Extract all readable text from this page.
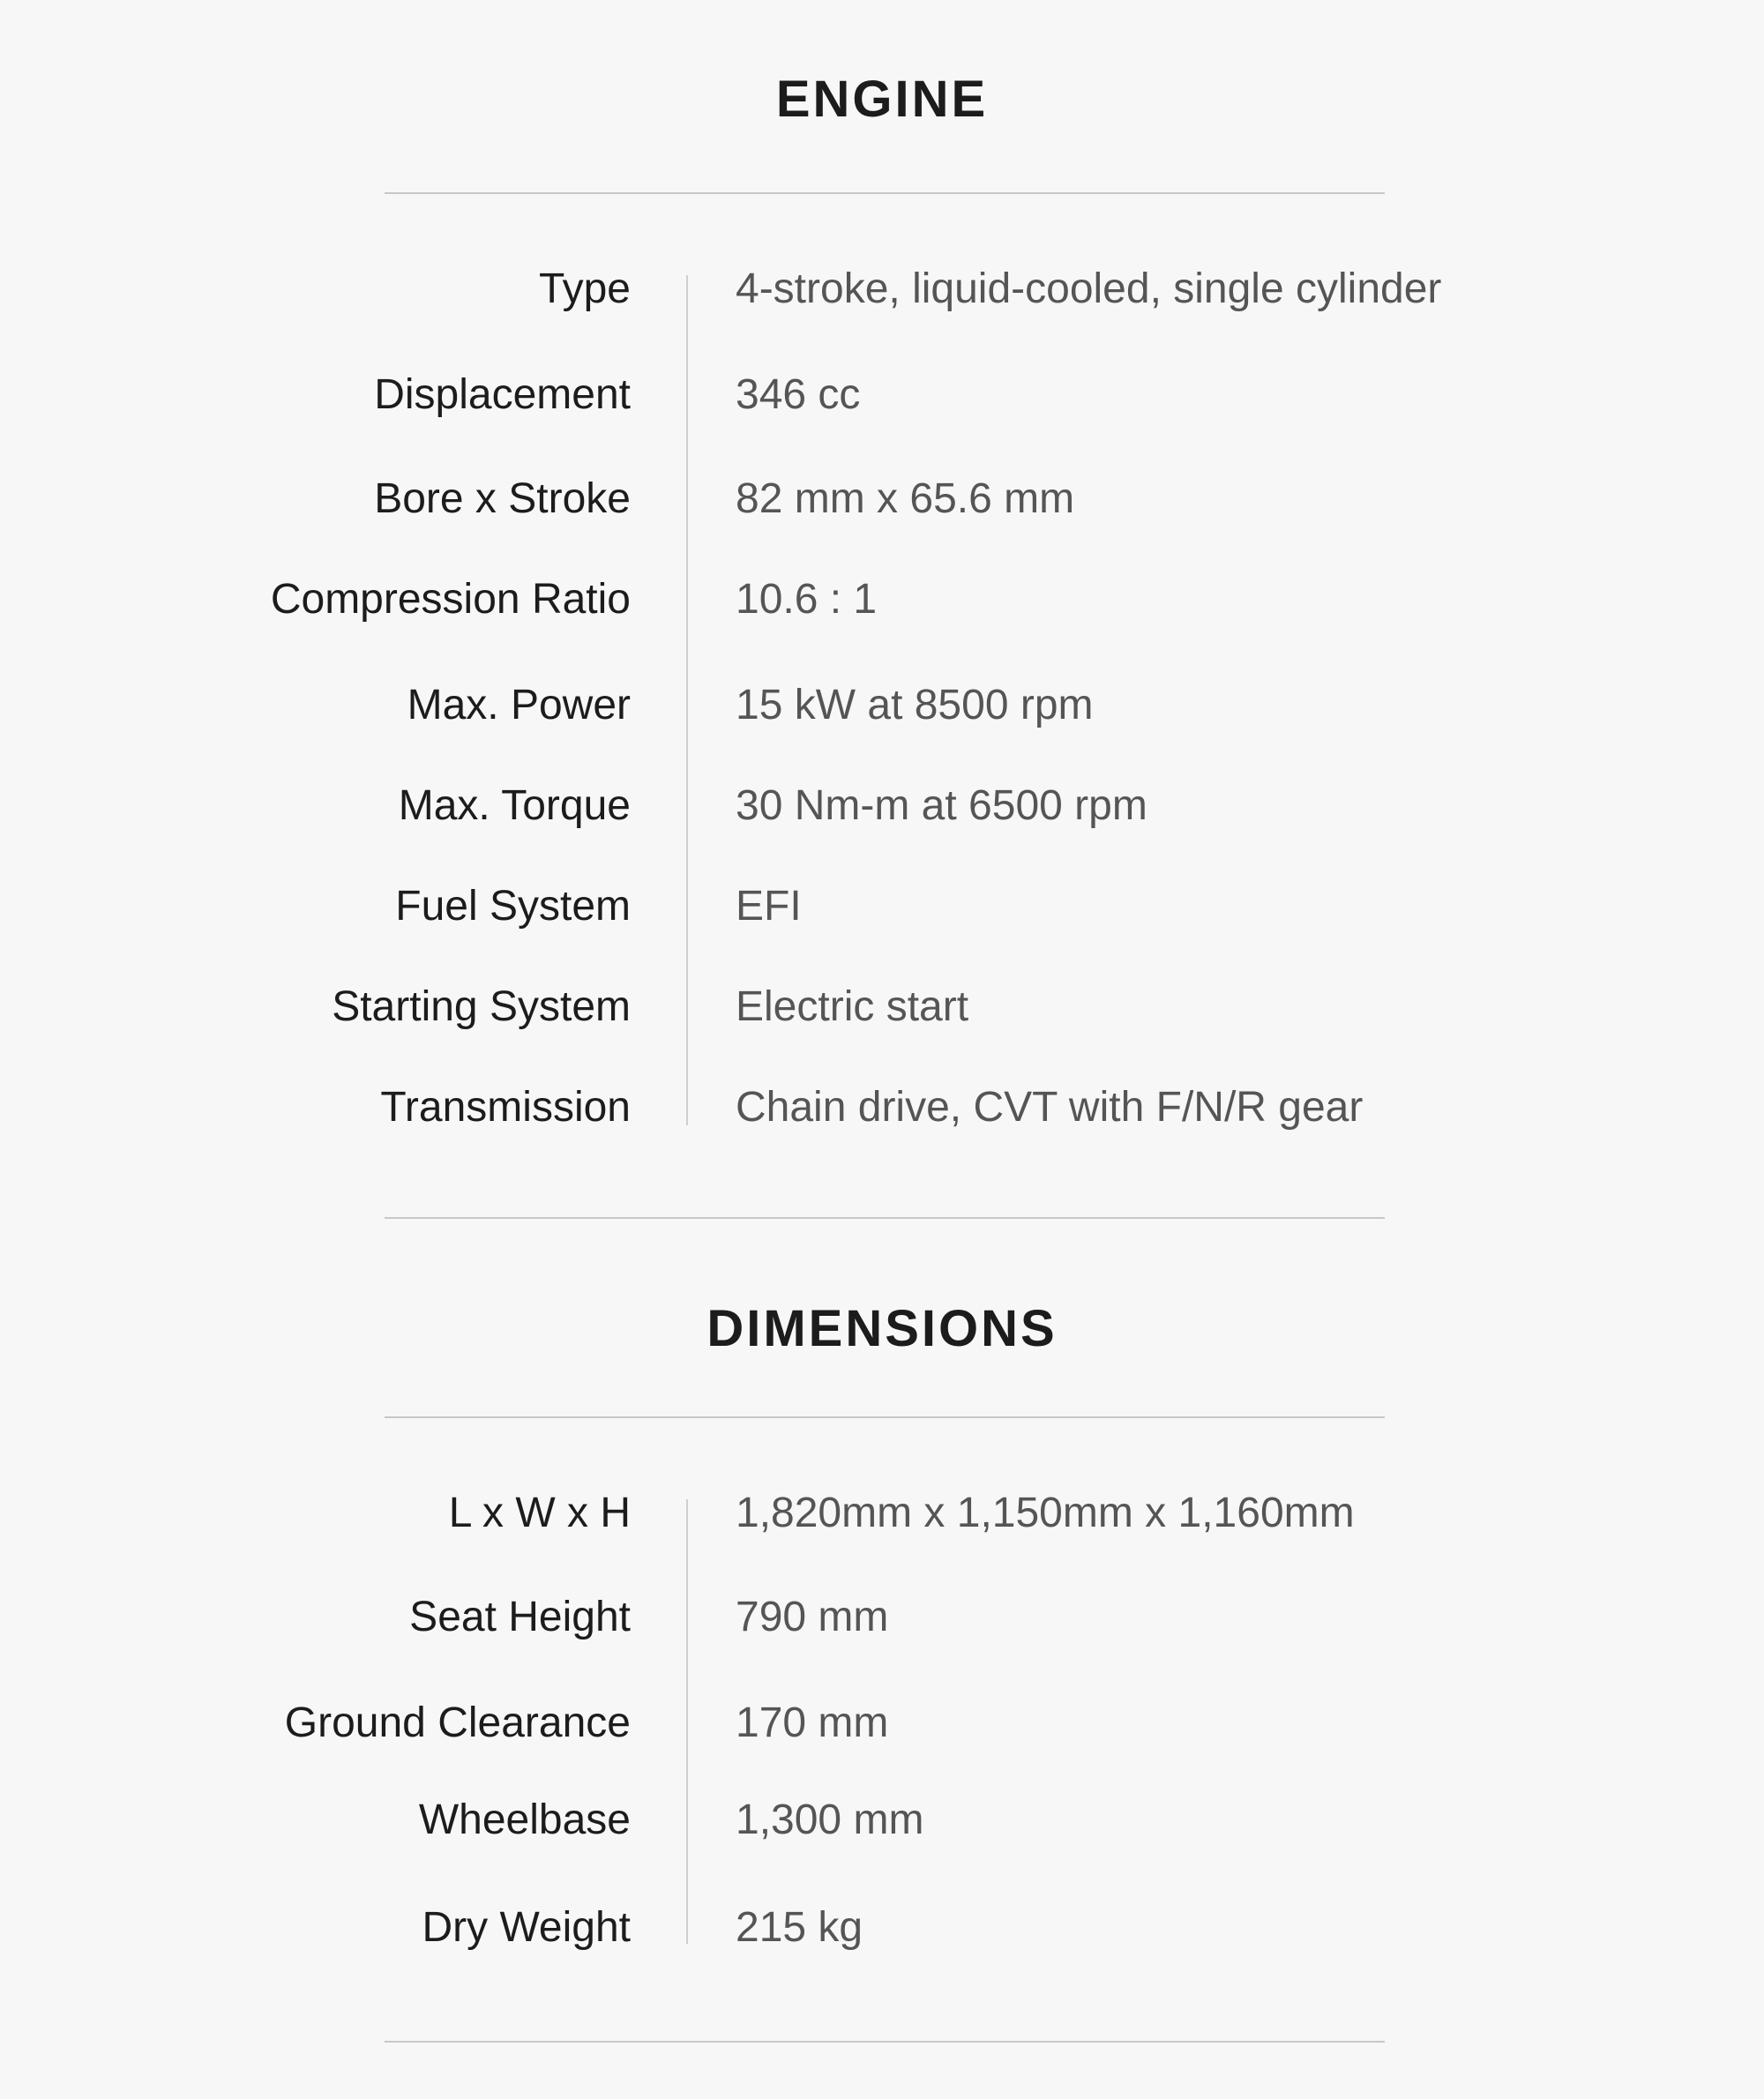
ENGINE
Type 4-stroke, liquid-cooled, single cylinder
Displacement 346 cc
Bore x Stroke 82 mm x 65.6 mm
Compression Ratio 10.6 : 1
Max. Power 15 kW at 8500 rpm
Max. Torque 30 Nm-m at 6500 rpm
Fuel System EFI
Starting System Electric start
Transmission Chain drive, CVT with F/N/R gear
DIMENSIONS
L x W x H 1,820mm x 1,150mm x 1,160mm
Seat Height 790 mm
Ground Clearance 170 mm
Wheelbase 1,300 mm
Dry Weight 215 kg
